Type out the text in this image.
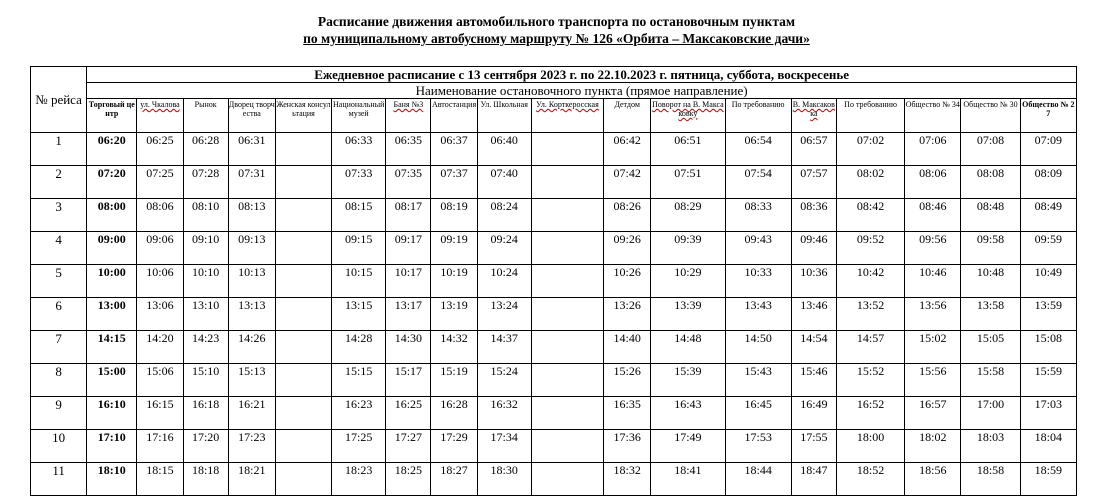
Расписание движения автомобильного транспорта по остановочным пунктам
по муниципальному автобусному маршруту № 126 «Орбита – Максаковские дачи»
№ рейса	Ежедневное расписание с 13 сентября 2023 г. по 22.10.2023 г. пятница, суббота, воскресенье																	
	Наименование остановочного пункта (прямое направление)																	
	Торговый центр	ул. Чкалова	Рынок	Дворец творчества	Женская консультация	Национальный музей	Баня №3	Автостанция	Ул. Школьная	Ул. Корткеросская	Детдом	Поворот на В. Максаковку	По требованию	В. Максаковка	По требованию	Общество № 34	Общество № 30	Общество № 27
1	06:20	06:25	06:28	06:31		06:33	06:35	06:37	06:40		06:42	06:51	06:54	06:57	07:02	07:06	07:08	07:09
2	07:20	07:25	07:28	07:31		07:33	07:35	07:37	07:40		07:42	07:51	07:54	07:57	08:02	08:06	08:08	08:09
3	08:00	08:06	08:10	08:13		08:15	08:17	08:19	08:24		08:26	08:29	08:33	08:36	08:42	08:46	08:48	08:49
4	09:00	09:06	09:10	09:13		09:15	09:17	09:19	09:24		09:26	09:39	09:43	09:46	09:52	09:56	09:58	09:59
5	10:00	10:06	10:10	10:13		10:15	10:17	10:19	10:24		10:26	10:29	10:33	10:36	10:42	10:46	10:48	10:49
6	13:00	13:06	13:10	13:13		13:15	13:17	13:19	13:24		13:26	13:39	13:43	13:46	13:52	13:56	13:58	13:59
7	14:15	14:20	14:23	14:26		14:28	14:30	14:32	14:37		14:40	14:48	14:50	14:54	14:57	15:02	15:05	15:08
8	15:00	15:06	15:10	15:13		15:15	15:17	15:19	15:24		15:26	15:39	15:43	15:46	15:52	15:56	15:58	15:59
9	16:10	16:15	16:18	16:21		16:23	16:25	16:28	16:32		16:35	16:43	16:45	16:49	16:52	16:57	17:00	17:03
10	17:10	17:16	17:20	17:23		17:25	17:27	17:29	17:34		17:36	17:49	17:53	17:55	18:00	18:02	18:03	18:04
11	18:10	18:15	18:18	18:21		18:23	18:25	18:27	18:30		18:32	18:41	18:44	18:47	18:52	18:56	18:58	18:59
